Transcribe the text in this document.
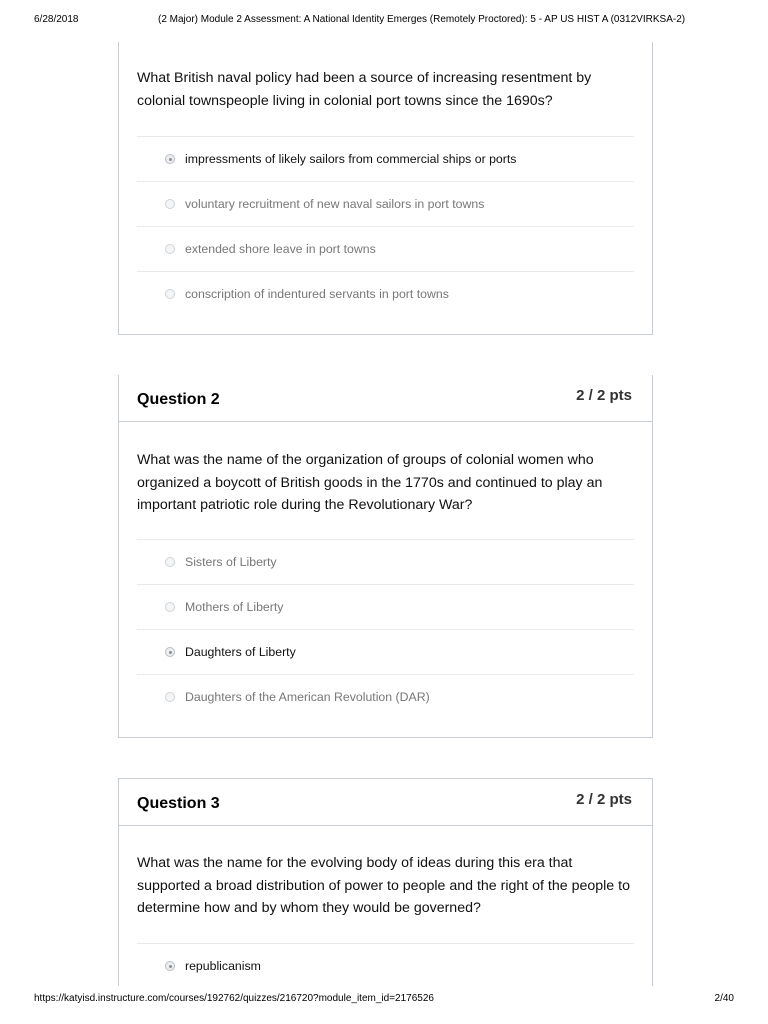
6/28/2018	(2 Major) Module 2 Assessment: A National Identity Emerges (Remotely Proctored): 5 - AP US HIST A (0312VIRKSA-2)
What British naval policy had been a source of increasing resentment by colonial townspeople living in colonial port towns since the 1690s?
impressments of likely sailors from commercial ships or ports
voluntary recruitment of new naval sailors in port towns
extended shore leave in port towns
conscription of indentured servants in port towns
Question 2	2 / 2 pts
What was the name of the organization of groups of colonial women who organized a boycott of British goods in the 1770s and continued to play an important patriotic role during the Revolutionary War?
Sisters of Liberty
Mothers of Liberty
Daughters of Liberty
Daughters of the American Revolution (DAR)
Question 3	2 / 2 pts
What was the name for the evolving body of ideas during this era that supported a broad distribution of power to people and the right of the people to determine how and by whom they would be governed?
republicanism
https://katyisd.instructure.com/courses/192762/quizzes/216720?module_item_id=2176526	2/40
